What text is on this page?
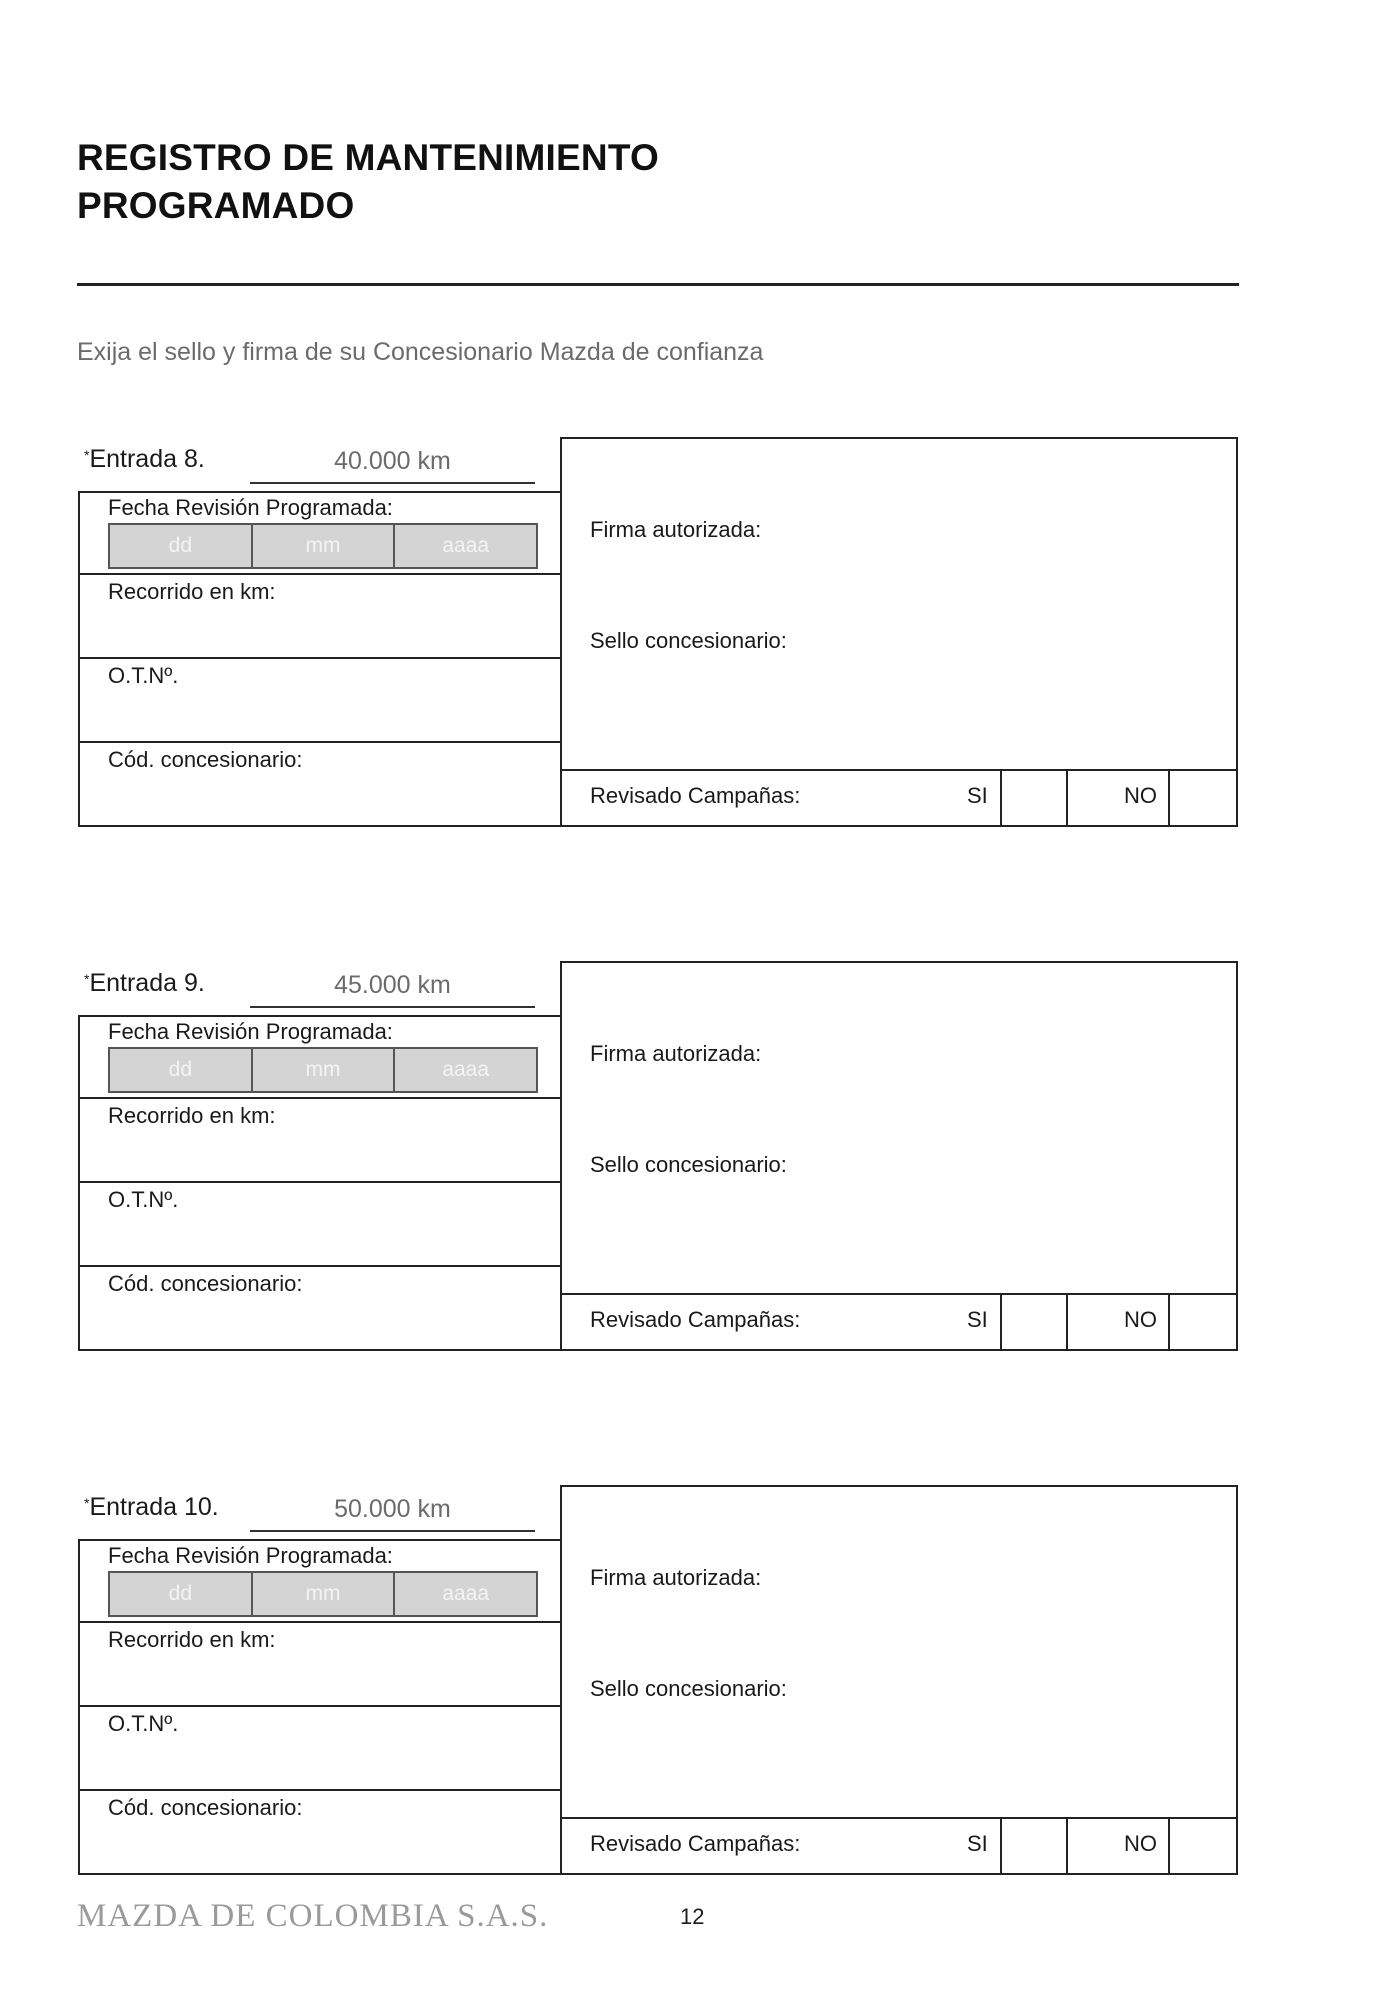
REGISTRO DE MANTENIMIENTO
PROGRAMADO
Exija el sello y firma de su Concesionario Mazda de confianza
*Entrada 8.	40.000 km
Fecha Revisión Programada:
dd	mm	aaaa
Recorrido en km:
O.T.Nº.
Cód. concesionario:
Firma autorizada:
Sello concesionario:
Revisado Campañas:	SI	NO
*Entrada 9.	45.000 km
Fecha Revisión Programada:
dd	mm	aaaa
Recorrido en km:
O.T.Nº.
Cód. concesionario:
Firma autorizada:
Sello concesionario:
Revisado Campañas:	SI	NO
*Entrada 10.	50.000 km
Fecha Revisión Programada:
dd	mm	aaaa
Recorrido en km:
O.T.Nº.
Cód. concesionario:
Firma autorizada:
Sello concesionario:
Revisado Campañas:	SI	NO
MAZDA DE COLOMBIA S.A.S.	12
